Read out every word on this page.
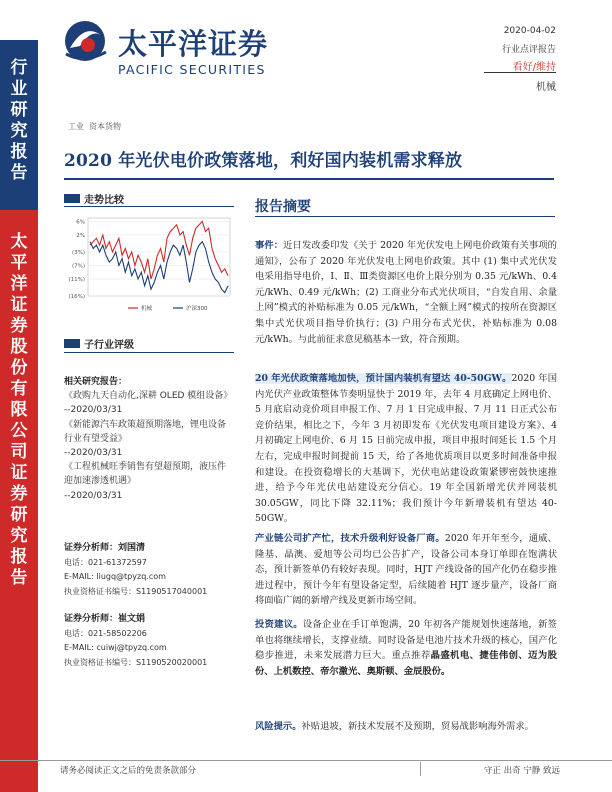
行
业
研
究
报
告
太
平
洋
证
券
股
份
有
限
公
司
证
券
研
究
报
告
太平洋证券
PACIFIC SECURITIES
2020-04-02
行业点评报告
看好/维持
机械
工业 资本货物
2020 年光伏电价政策落地，利好国内装机需求释放
走势比较
6%
2%
(3%)
(7%)
(11%)
(16%)
机械	沪深300
子行业评级
相关研究报告：
《政购九天自动化,深耕 OLED 模组设备》
--2020/03/31
《新能源汽车政策超预期落地，锂电设备行业有望受益》
--2020/03/31
《工程机械旺季销售有望超预期，液压件迎加速渗透机遇》
--2020/03/31
证券分析师：刘国清
电话：021-61372597
E-MAIL: liugq@tpyzq.com
执业资格证书编号：S1190517040001
证券分析师：崔文娟
电话：021-58502206
E-MAIL: cuiwj@tpyzq.com
执业资格证书编号：S1190520020001
报告摘要
事件：近日发改委印发《关于 2020 年光伏发电上网电价政策有关事项的通知》，公布了 2020 年光伏发电上网电价政策。其中 (1) 集中式光伏发电采用指导电价，Ⅰ、Ⅱ、Ⅲ类资源区电价上限分别为 0.35 元/kWh、0.4 元/kWh、0.49 元/kWh；(2) 工商业分布式光伏项目，“自发自用、余量上网”模式的补贴标准为 0.05 元/kWh，“全额上网”模式的按所在资源区集中式光伏项目指导价执行；(3) 户用分布式光伏，补贴标准为 0.08 元/kWh。与此前征求意见稿基本一致，符合预期。
20 年光伏政策落地加快，预计国内装机有望达 40-50GW。2020 年国内光伏产业政策整体节奏明显快于 2019 年，去年 4 月底确定上网电价、5 月底启动竞价项目申报工作、7 月 1 日完成申报、7 月 11 日正式公布竞价结果，相比之下，今年 3 月初即发布《光伏发电项目建设方案》、4 月初确定上网电价、6 月 15 日前完成申报，项目申报时间延长 1.5 个月左右，完成申报时间提前 15 天，给了各地优质项目以更多时间准备申报和建设。在投资稳增长的大基调下，光伏电站建设政策紧锣密鼓快速推进，给予今年光伏电站建设充分信心。19 年全国新增光伏并网装机 30.05GW，同比下降 32.11%；我们预计今年新增装机有望达 40-50GW。
产业链公司扩产忙，技术升级利好设备厂商。2020 年开年至今，通威、隆基、晶澳、爱旭等公司均已公告扩产，设备公司本身订单即在饱满状态，预计新签单仍有较好表现。同时，HJT 产线设备的国产化仍在稳步推进过程中，预计今年有望设备定型，后续随着 HJT 逐步量产，设备厂商将面临广阔的新增产线及更新市场空间。
投资建议。设备企业在手订单饱满，20 年初各产能规划快速落地，新签单也将继续增长，支撑业绩。同时设备是电池片技术升级的核心，国产化稳步推进，未来发展潜力巨大。重点推荐晶盛机电、捷佳伟创、迈为股份、上机数控、帝尔激光、奥斯顿、金辰股份。
风险提示。补贴退坡，新技术发展不及预期，贸易战影响海外需求。
请务必阅读正文之后的免责条款部分	守正 出奇 宁静 致远
